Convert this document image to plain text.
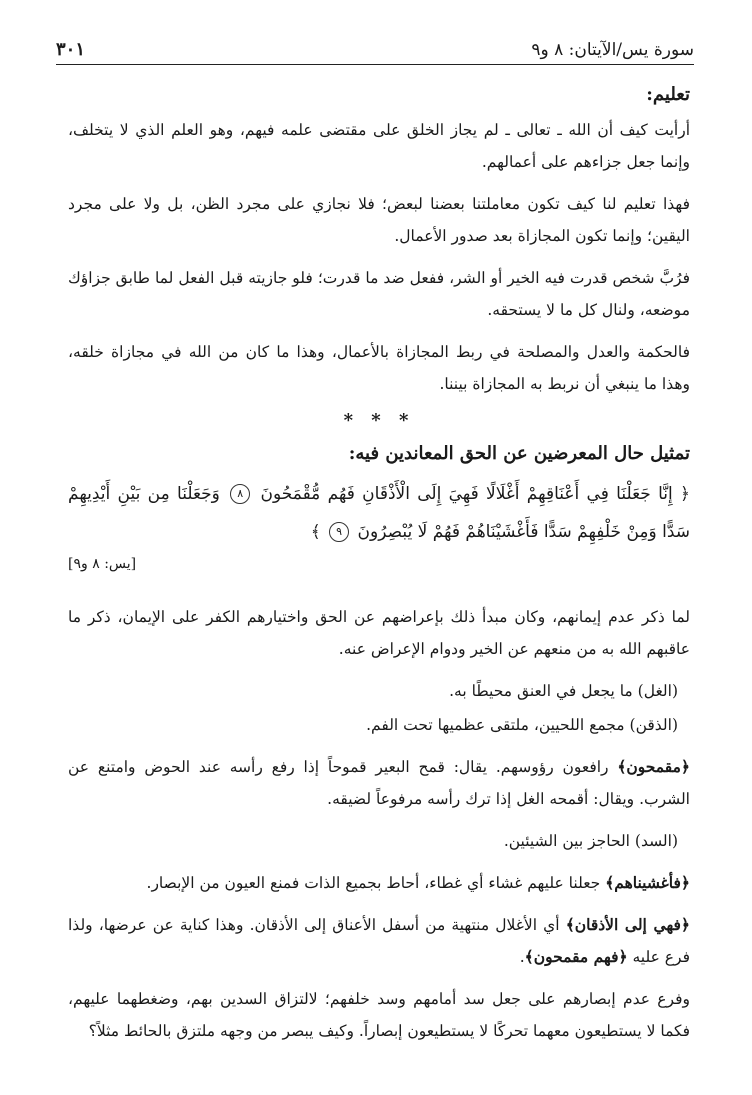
سورة يس/الآيتان: ٨ و٩
٣٠١
تعليم:

أرأيت كيف أن الله ـ تعالى ـ لم يجاز الخلق على مقتضى علمه فيهم، وهو العلم الذي لا يتخلف، وإنما جعل جزاءهم على أعمالهم.

فهذا تعليم لنا كيف تكون معاملتنا بعضنا لبعض؛ فلا نجازي على مجرد الظن، بل ولا على مجرد اليقين؛ وإنما تكون المجازاة بعد صدور الأعمال.

فرُبَّ شخص قدرت فيه الخير أو الشر، ففعل ضد ما قدرت؛ فلو جازيته قبل الفعل لما طابق جزاؤك موضعه، ولنال كل ما لا يستحقه.

فالحكمة والعدل والمصلحة في ربط المجازاة بالأعمال، وهذا ما كان من الله في مجازاة خلقه، وهذا ما ينبغي أن نربط به المجازاة بيننا.

* * *
تمثيل حال المعرضين عن الحق المعاندين فيه:
﴿ إِنَّا جَعَلْنَا فِي أَعْنَاقِهِمْ أَغْلَالًا فَهِيَ إِلَى الْأَذْقَانِ فَهُم مُّقْمَحُونَ ٨ وَجَعَلْنَا مِن بَيْنِ أَيْدِيهِمْ سَدًّا وَمِنْ خَلْفِهِمْ سَدًّا فَأَغْشَيْنَاهُمْ فَهُمْ لَا يُبْصِرُونَ ٩ ﴾
[يس: ٨ و٩]

لما ذكر عدم إيمانهم، وكان مبدأ ذلك بإعراضهم عن الحق واختيارهم الكفر على الإيمان، ذكر ما عاقبهم الله به من منعهم عن الخير ودوام الإعراض عنه.

(الغل) ما يجعل في العنق محيطًا به.

(الذقن) مجمع اللحيين، ملتقى عظميها تحت الفم.

﴿مقمحون﴾ رافعون رؤوسهم. يقال: قمح البعير قموحاً إذا رفع رأسه عند الحوض وامتنع عن الشرب. ويقال: أقمحه الغل إذا ترك رأسه مرفوعاً لضيقه.

(السد) الحاجز بين الشيئين.

﴿فأغشيناهم﴾ جعلنا عليهم غشاء أي غطاء، أحاط بجميع الذات فمنع العيون من الإبصار.

﴿فهي إلى الأذقان﴾ أي الأغلال منتهية من أسفل الأعناق إلى الأذقان. وهذا كناية عن عرضها، ولذا فرع عليه ﴿فهم مقمحون﴾.

وفرع عدم إبصارهم على جعل سد أمامهم وسد خلفهم؛ لالتزاق السدين بهم، وضغطهما عليهم، فكما لا يستطيعون معهما تحركًا لا يستطيعون إبصاراً. وكيف يبصر من وجهه ملتزق بالحائط مثلاً؟
